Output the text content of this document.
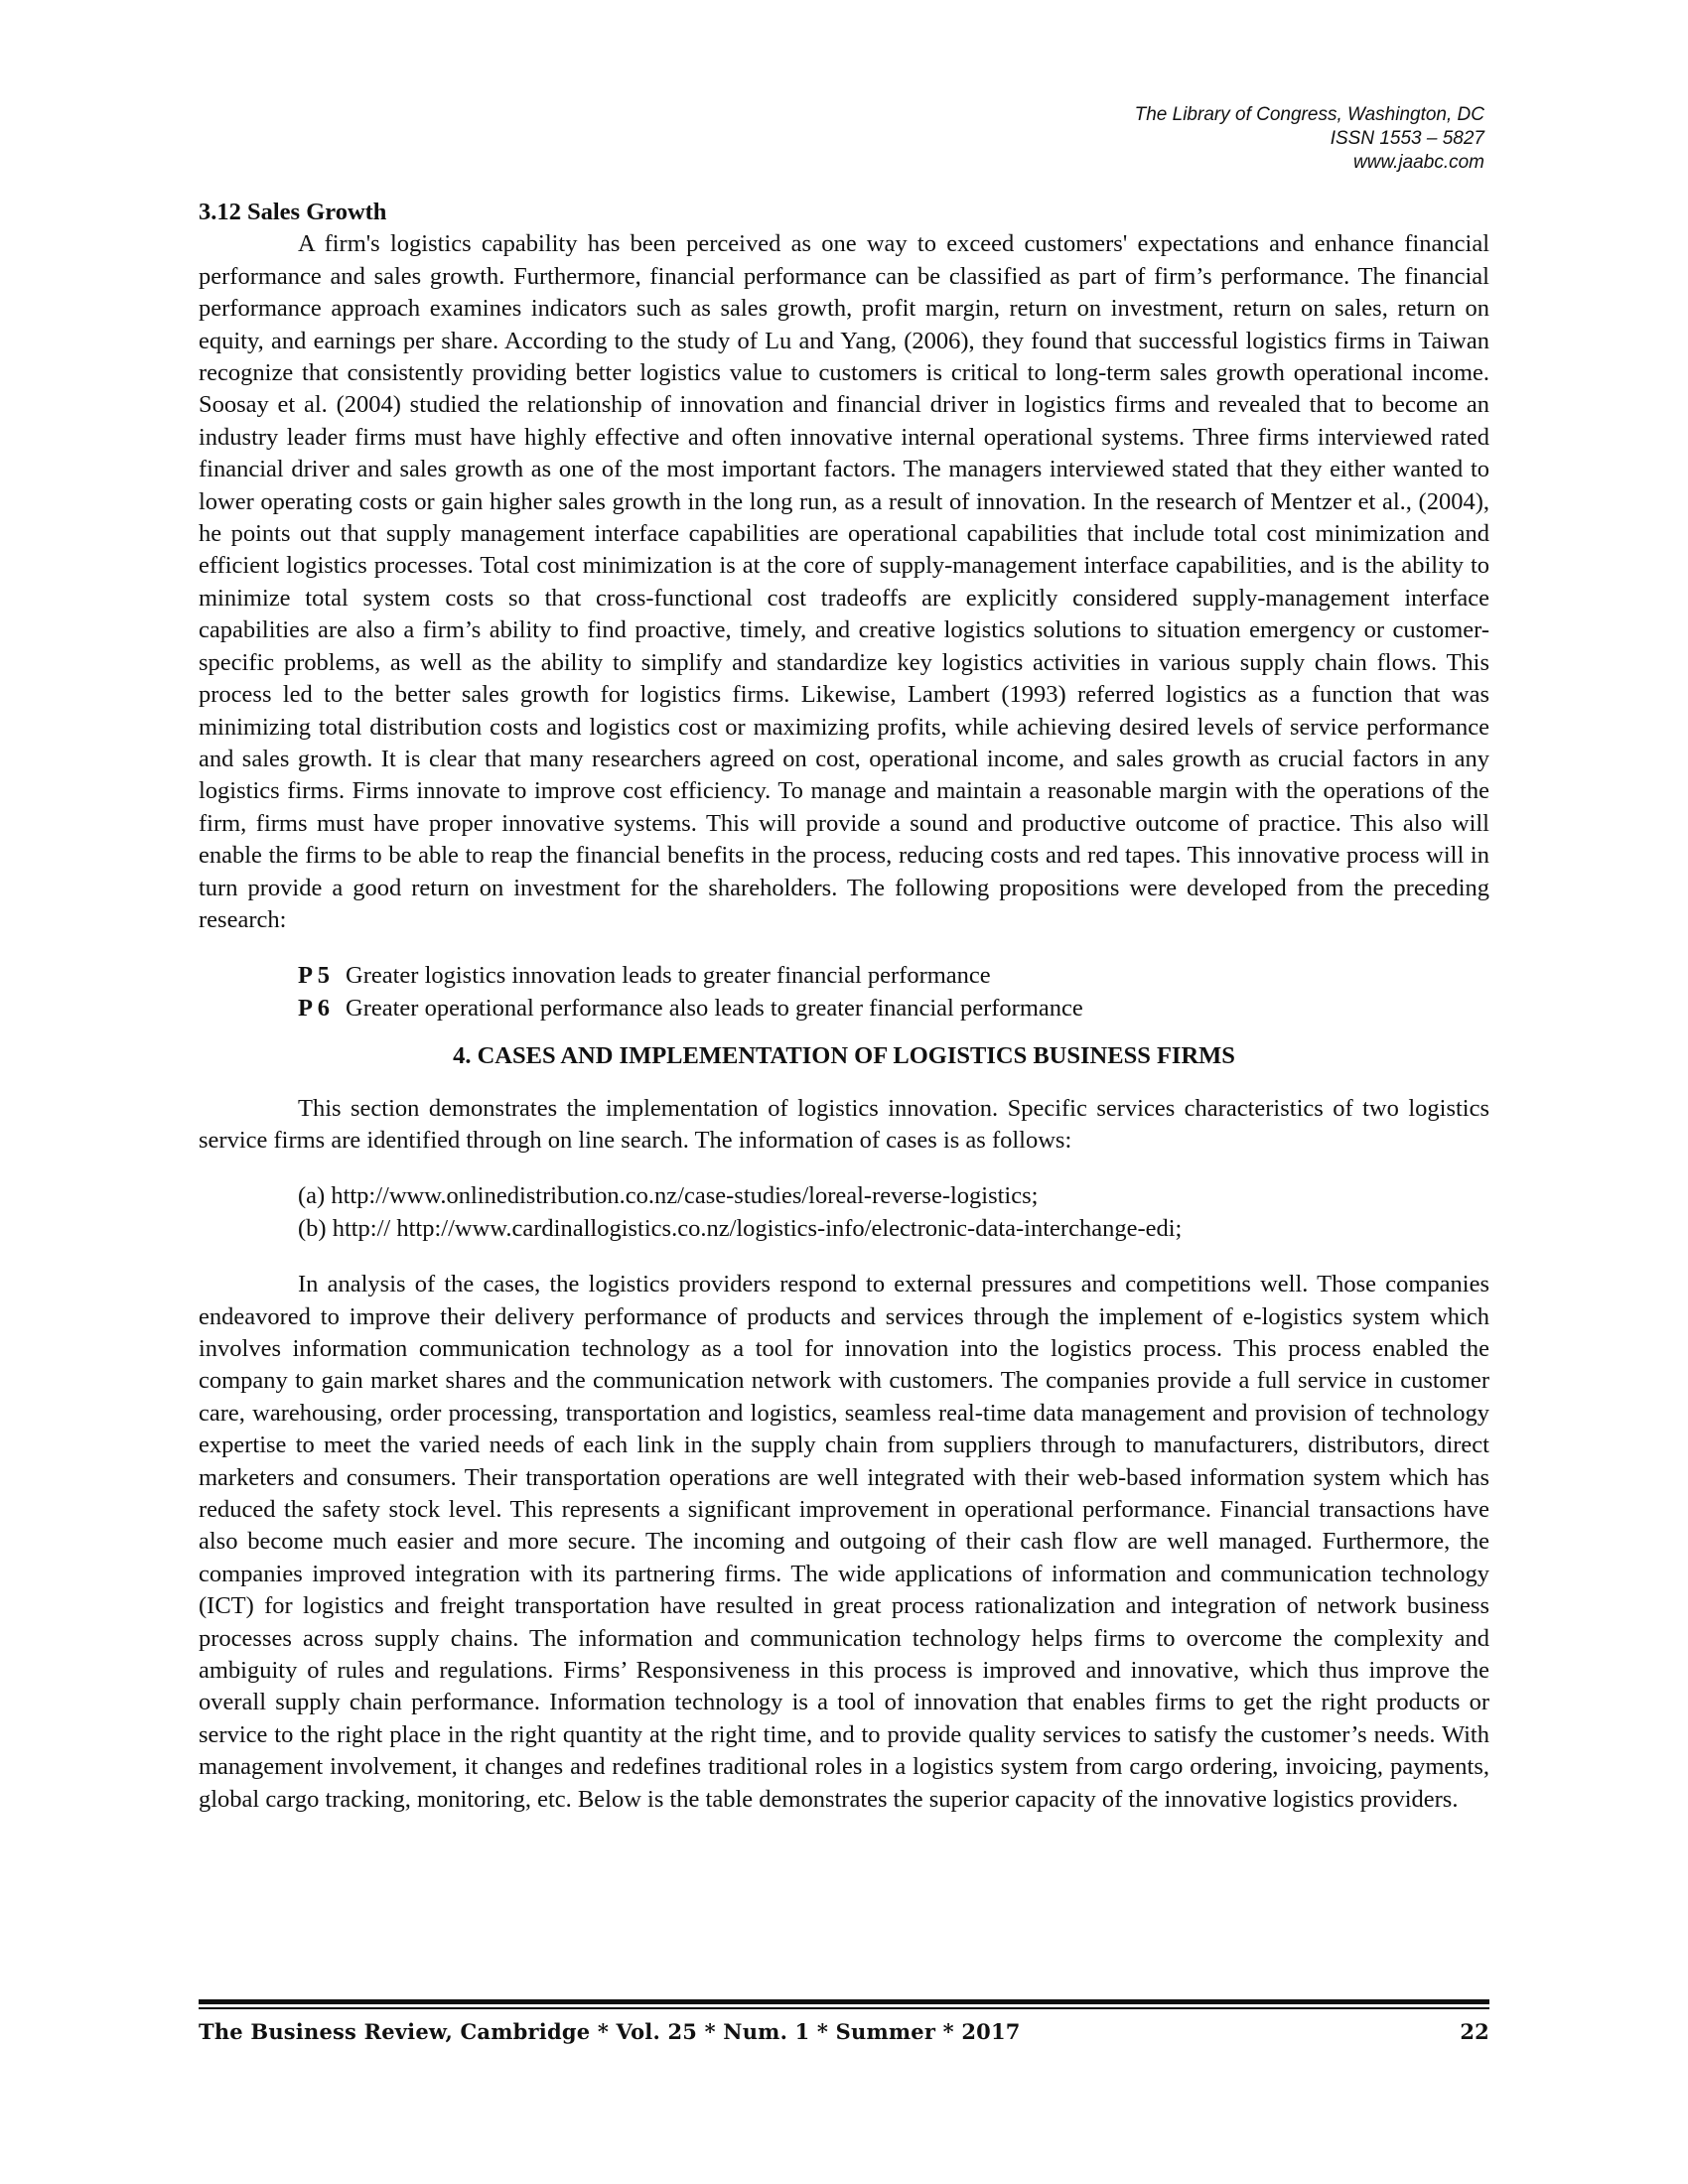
The Library of Congress, Washington, DC
ISSN 1553 – 5827
www.jaabc.com
3.12 Sales Growth

A firm's logistics capability has been perceived as one way to exceed customers' expectations and enhance financial performance and sales growth. Furthermore, financial performance can be classified as part of firm’s performance. The financial performance approach examines indicators such as sales growth, profit margin, return on investment, return on sales, return on equity, and earnings per share. According to the study of Lu and Yang, (2006), they found that successful logistics firms in Taiwan recognize that consistently providing better logistics value to customers is critical to long-term sales growth operational income. Soosay et al. (2004) studied the relationship of innovation and financial driver in logistics firms and revealed that to become an industry leader firms must have highly effective and often innovative internal operational systems. Three firms interviewed rated financial driver and sales growth as one of the most important factors. The managers interviewed stated that they either wanted to lower operating costs or gain higher sales growth in the long run, as a result of innovation. In the research of Mentzer et al., (2004), he points out that supply management interface capabilities are operational capabilities that include total cost minimization and efficient logistics processes. Total cost minimization is at the core of supply-management interface capabilities, and is the ability to minimize total system costs so that cross-functional cost tradeoffs are explicitly considered supply-management interface capabilities are also a firm’s ability to find proactive, timely, and creative logistics solutions to situation emergency or customer-specific problems, as well as the ability to simplify and standardize key logistics activities in various supply chain flows. This process led to the better sales growth for logistics firms. Likewise, Lambert (1993) referred logistics as a function that was minimizing total distribution costs and logistics cost or maximizing profits, while achieving desired levels of service performance and sales growth. It is clear that many researchers agreed on cost, operational income, and sales growth as crucial factors in any logistics firms. Firms innovate to improve cost efficiency. To manage and maintain a reasonable margin with the operations of the firm, firms must have proper innovative systems. This will provide a sound and productive outcome of practice. This also will enable the firms to be able to reap the financial benefits in the process, reducing costs and red tapes. This innovative process will in turn provide a good return on investment for the shareholders. The following propositions were developed from the preceding research:

P 5 Greater logistics innovation leads to greater financial performance
P 6 Greater operational performance also leads to greater financial performance
4. CASES AND IMPLEMENTATION OF LOGISTICS BUSINESS FIRMS

This section demonstrates the implementation of logistics innovation. Specific services characteristics of two logistics service firms are identified through on line search. The information of cases is as follows:

(a) http://www.onlinedistribution.co.nz/case-studies/loreal-reverse-logistics;
(b) http:// http://www.cardinallogistics.co.nz/logistics-info/electronic-data-interchange-edi;

In analysis of the cases, the logistics providers respond to external pressures and competitions well. Those companies endeavored to improve their delivery performance of products and services through the implement of e-logistics system which involves information communication technology as a tool for innovation into the logistics process. This process enabled the company to gain market shares and the communication network with customers. The companies provide a full service in customer care, warehousing, order processing, transportation and logistics, seamless real-time data management and provision of technology expertise to meet the varied needs of each link in the supply chain from suppliers through to manufacturers, distributors, direct marketers and consumers. Their transportation operations are well integrated with their web-based information system which has reduced the safety stock level. This represents a significant improvement in operational performance. Financial transactions have also become much easier and more secure. The incoming and outgoing of their cash flow are well managed. Furthermore, the companies improved integration with its partnering firms. The wide applications of information and communication technology (ICT) for logistics and freight transportation have resulted in great process rationalization and integration of network business processes across supply chains. The information and communication technology helps firms to overcome the complexity and ambiguity of rules and regulations. Firms’ Responsiveness in this process is improved and innovative, which thus improve the overall supply chain performance. Information technology is a tool of innovation that enables firms to get the right products or service to the right place in the right quantity at the right time, and to provide quality services to satisfy the customer’s needs. With management involvement, it changes and redefines traditional roles in a logistics system from cargo ordering, invoicing, payments, global cargo tracking, monitoring, etc. Below is the table demonstrates the superior capacity of the innovative logistics providers.

The Business Review, Cambridge * Vol. 25 * Num. 1 * Summer * 2017	22
